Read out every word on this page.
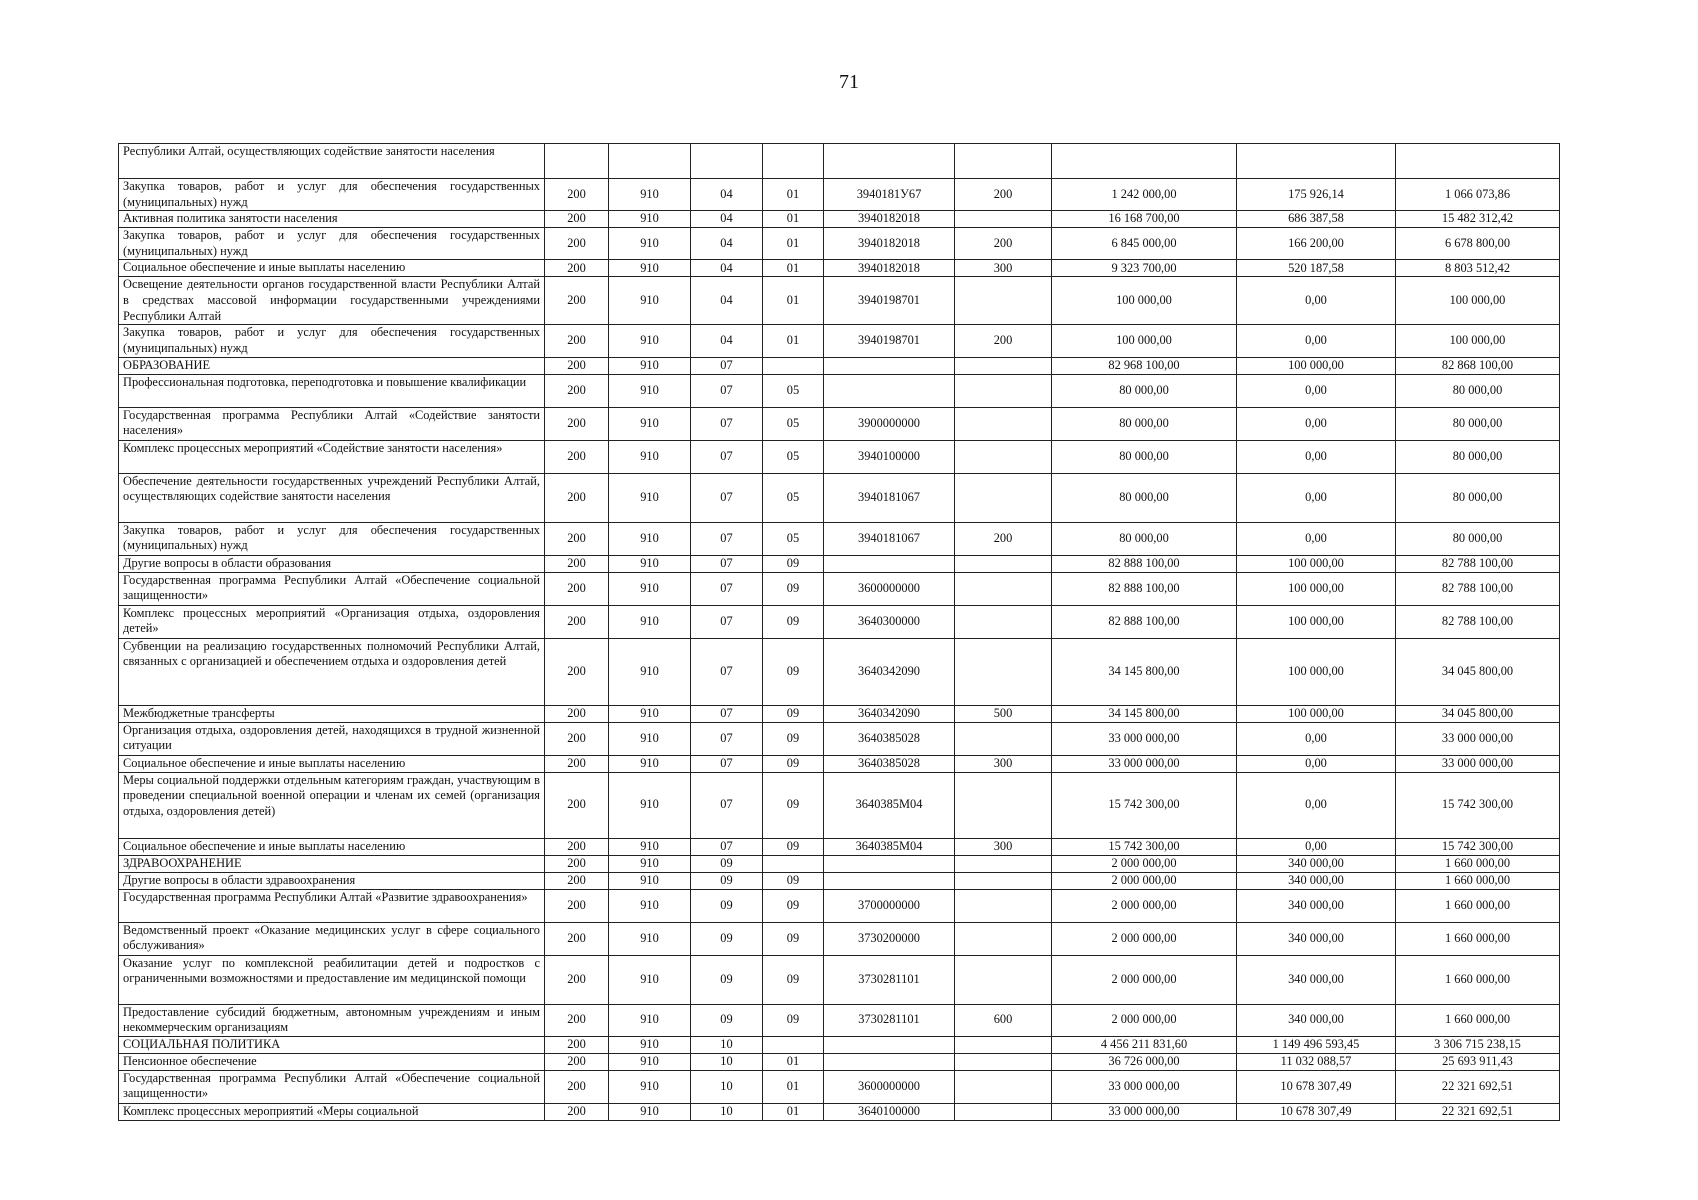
71
Республики Алтай, осуществляющих содействие занятости населения									
Закупка товаров, работ и услуг для обеспечения государственных (муниципальных) нужд	200	910	04	01	3940181У67	200	1 242 000,00	175 926,14	1 066 073,86
Активная политика занятости населения	200	910	04	01	3940182018		16 168 700,00	686 387,58	15 482 312,42
Закупка товаров, работ и услуг для обеспечения государственных (муниципальных) нужд	200	910	04	01	3940182018	200	6 845 000,00	166 200,00	6 678 800,00
Социальное обеспечение и иные выплаты населению	200	910	04	01	3940182018	300	9 323 700,00	520 187,58	8 803 512,42
Освещение деятельности органов государственной власти Республики Алтай в средствах массовой информации государственными учреждениями Республики Алтай	200	910	04	01	3940198701		100 000,00	0,00	100 000,00
Закупка товаров, работ и услуг для обеспечения государственных (муниципальных) нужд	200	910	04	01	3940198701	200	100 000,00	0,00	100 000,00
ОБРАЗОВАНИЕ	200	910	07				82 968 100,00	100 000,00	82 868 100,00
Профессиональная подготовка, переподготовка и повышение квалификации	200	910	07	05			80 000,00	0,00	80 000,00
Государственная программа Республики Алтай «Содействие занятости населения»	200	910	07	05	3900000000		80 000,00	0,00	80 000,00
Комплекс процессных мероприятий «Содействие занятости населения»	200	910	07	05	3940100000		80 000,00	0,00	80 000,00
Обеспечение деятельности государственных учреждений Республики Алтай, осуществляющих содействие занятости населения	200	910	07	05	3940181067		80 000,00	0,00	80 000,00
Закупка товаров, работ и услуг для обеспечения государственных (муниципальных) нужд	200	910	07	05	3940181067	200	80 000,00	0,00	80 000,00
Другие вопросы в области образования	200	910	07	09			82 888 100,00	100 000,00	82 788 100,00
Государственная программа Республики Алтай «Обеспечение социальной защищенности»	200	910	07	09	3600000000		82 888 100,00	100 000,00	82 788 100,00
Комплекс процессных мероприятий «Организация отдыха, оздоровления детей»	200	910	07	09	3640300000		82 888 100,00	100 000,00	82 788 100,00
Субвенции на реализацию государственных полномочий Республики Алтай, связанных с организацией и обеспечением отдыха и оздоровления детей	200	910	07	09	3640342090		34 145 800,00	100 000,00	34 045 800,00
Межбюджетные трансферты	200	910	07	09	3640342090	500	34 145 800,00	100 000,00	34 045 800,00
Организация отдыха, оздоровления детей, находящихся в трудной жизненной ситуации	200	910	07	09	3640385028		33 000 000,00	0,00	33 000 000,00
Социальное обеспечение и иные выплаты населению	200	910	07	09	3640385028	300	33 000 000,00	0,00	33 000 000,00
Меры социальной поддержки отдельным категориям граждан, участвующим в проведении специальной военной операции и членам их семей (организация отдыха, оздоровления детей)	200	910	07	09	3640385М04		15 742 300,00	0,00	15 742 300,00
Социальное обеспечение и иные выплаты населению	200	910	07	09	3640385М04	300	15 742 300,00	0,00	15 742 300,00
ЗДРАВООХРАНЕНИЕ	200	910	09				2 000 000,00	340 000,00	1 660 000,00
Другие вопросы в области здравоохранения	200	910	09	09			2 000 000,00	340 000,00	1 660 000,00
Государственная программа Республики Алтай «Развитие здравоохранения»	200	910	09	09	3700000000		2 000 000,00	340 000,00	1 660 000,00
Ведомственный проект «Оказание медицинских услуг в сфере социального обслуживания»	200	910	09	09	3730200000		2 000 000,00	340 000,00	1 660 000,00
Оказание услуг по комплексной реабилитации детей и подростков с ограниченными возможностями и предоставление им медицинской помощи	200	910	09	09	3730281101		2 000 000,00	340 000,00	1 660 000,00
Предоставление субсидий бюджетным, автономным учреждениям и иным некоммерческим организациям	200	910	09	09	3730281101	600	2 000 000,00	340 000,00	1 660 000,00
СОЦИАЛЬНАЯ ПОЛИТИКА	200	910	10				4 456 211 831,60	1 149 496 593,45	3 306 715 238,15
Пенсионное обеспечение	200	910	10	01			36 726 000,00	11 032 088,57	25 693 911,43
Государственная программа Республики Алтай «Обеспечение социальной защищенности»	200	910	10	01	3600000000		33 000 000,00	10 678 307,49	22 321 692,51
Комплекс процессных мероприятий «Меры социальной	200	910	10	01	3640100000		33 000 000,00	10 678 307,49	22 321 692,51
